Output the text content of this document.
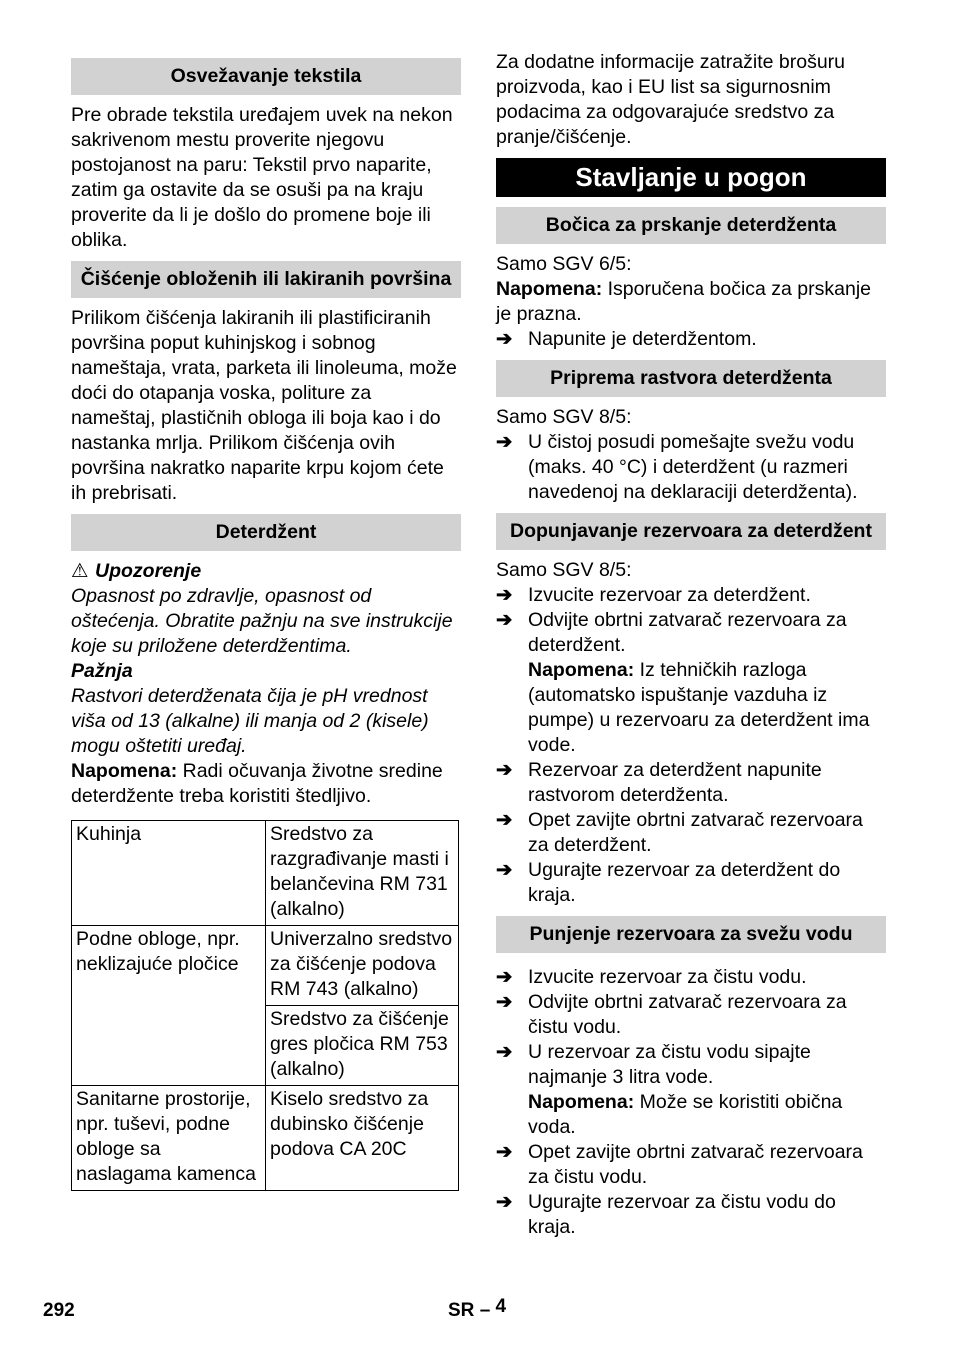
Osvežavanje tekstila

Pre obrade tekstila uređajem uvek na nekon sakrivenom mestu proverite njegovu postojanost na paru: Tekstil prvo naparite, zatim ga ostavite da se osuši pa na kraju proverite da li je došlo do promene boje ili oblika.

Čišćenje obloženih ili lakiranih površina

Prilikom čišćenja lakiranih ili plastificiranih površina poput kuhinjskog i sobnog nameštaja, vrata, parketa ili linoleuma, može doći do otapanja voska, politure za nameštaj, plastičnih obloga ili boja kao i do nastanka mrlja. Prilikom čišćenja ovih površina nakratko naparite krpu kojom ćete ih prebrisati.

Deterdžent

⚠ Upozorenje

Opasnost po zdravlje, opasnost od oštećenja. Obratite pažnju na sve instrukcije koje su priložene deterdžentima.

Pažnja

Rastvori deterdženata čija je pH vrednost viša od 13 (alkalne) ili manja od 2 (kisele) mogu oštetiti uređaj.

Napomena: Radi očuvanja životne sredine deterdžente treba koristiti štedljivo.

Kuhinja	Sredstvo za razgrađivanje masti i belančevina RM 731 (alkalno)
Podne obloge, npr. neklizajuće pločice	Univerzalno sredstvo za čišćenje podova RM 743 (alkalno)
	Sredstvo za čišćenje gres pločica RM 753 (alkalno)
Sanitarne prostorije, npr. tuševi, podne obloge sa naslagama kamenca	Kiselo sredstvo za dubinsko čišćenje podova CA 20C

Za dodatne informacije zatražite brošuru proizvoda, kao i EU list sa sigurnosnim podacima za odgovarajuće sredstvo za pranje/čišćenje.

Stavljanje u pogon
Bočica za prskanje deterdženta

Samo SGV 6/5:

Napomena: Isporučena bočica za prskanje je prazna.

➔ Napunite je deterdžentom.
Priprema rastvora deterdženta

Samo SGV 8/5:

➔ U čistoj posudi pomešajte svežu vodu (maks. 40 °C) i deterdžent (u razmeri navedenoj na deklaraciji deterdženta).
Dopunjavanje rezervoara za deterdžent

Samo SGV 8/5:

➔ Izvucite rezervoar za deterdžent.
➔ Odvijte obrtni zatvarač rezervoara za deterdžent.
Napomena: Iz tehničkih razloga (automatsko ispuštanje vazduha iz pumpe) u rezervoaru za deterdžent ima vode.
➔ Rezervoar za deterdžent napunite rastvorom deterdženta.
➔ Opet zavijte obrtni zatvarač rezervoara za deterdžent.
➔ Ugurajte rezervoar za deterdžent do kraja.
Punjenje rezervoara za svežu vodu
➔ Izvucite rezervoar za čistu vodu.
➔ Odvijte obrtni zatvarač rezervoara za čistu vodu.
➔ U rezervoar za čistu vodu sipajte najmanje 3 litra vode.
Napomena: Može se koristiti obična voda.
➔ Opet zavijte obrtni zatvarač rezervoara za čistu vodu.
➔ Ugurajte rezervoar za čistu vodu do kraja.
292	SR – 4
